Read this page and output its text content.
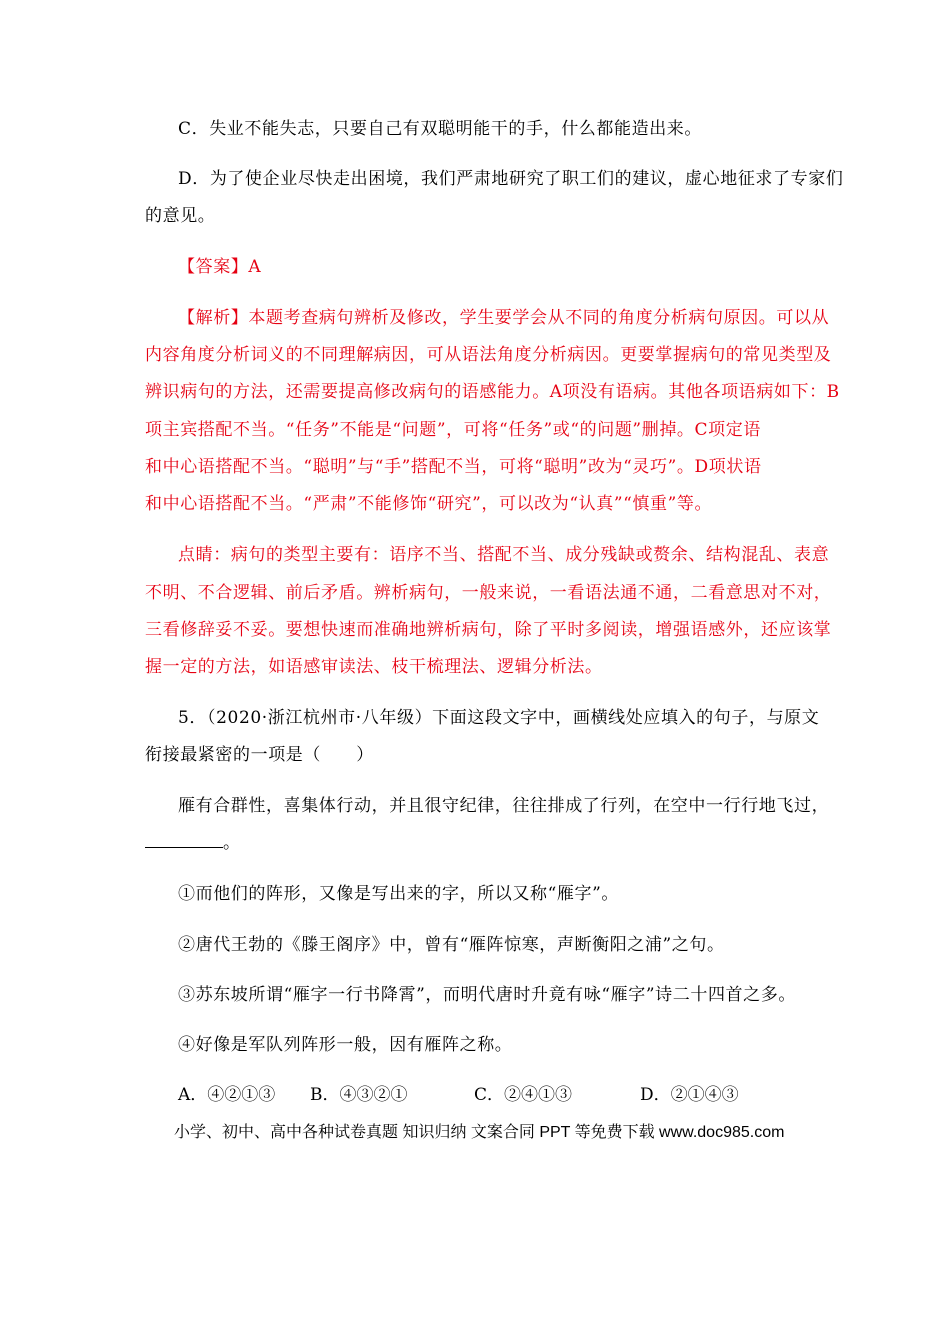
C．失业不能失志，只要自己有双聪明能干的手，什么都能造出来。
D．为了使企业尽快走出困境，我们严肃地研究了职工们的建议，虚心地征求了专家们
的意见。
【答案】A
【解析】本题考查病句辨析及修改，学生要学会从不同的角度分析病句原因。可以从
内容角度分析词义的不同理解病因，可从语法角度分析病因。更要掌握病句的常见类型及
辨识病句的方法，还需要提高修改病句的语感能力。A项没有语病。其他各项语病如下：B
项主宾搭配不当。“任务”不能是“问题”，可将“任务”或“的问题”删掉。C项定语
和中心语搭配不当。“聪明”与“手”搭配不当，可将“聪明”改为“灵巧”。D项状语
和中心语搭配不当。“严肃”不能修饰“研究”，可以改为“认真”“慎重”等。
点睛：病句的类型主要有：语序不当、搭配不当、成分残缺或赘余、结构混乱、表意
不明、不合逻辑、前后矛盾。辨析病句，一般来说，一看语法通不通，二看意思对不对，
三看修辞妥不妥。要想快速而准确地辨析病句，除了平时多阅读，增强语感外，还应该掌
握一定的方法，如语感审读法、枝干梳理法、逻辑分析法。
5．（2020·浙江杭州市·八年级）下面这段文字中，画横线处应填入的句子，与原文
衔接最紧密的一项是（　　）
雁有合群性，喜集体行动，并且很守纪律，往往排成了行列，在空中一行行地飞过，
。
①而他们的阵形，又像是写出来的字，所以又称“雁字”。
②唐代王勃的《滕王阁序》中，曾有“雁阵惊寒，声断衡阳之浦”之句。
③苏东坡所谓“雁字一行书降霄”，而明代唐时升竟有咏“雁字”诗二十四首之多。
④好像是军队列阵形一般，因有雁阵之称。
A．④②①③ B．④③②①	C．②④①③	D．②①④③
小学、初中、高中各种试卷真题 知识归纳 文案合同 PPT 等免费下载 www.doc985.com
